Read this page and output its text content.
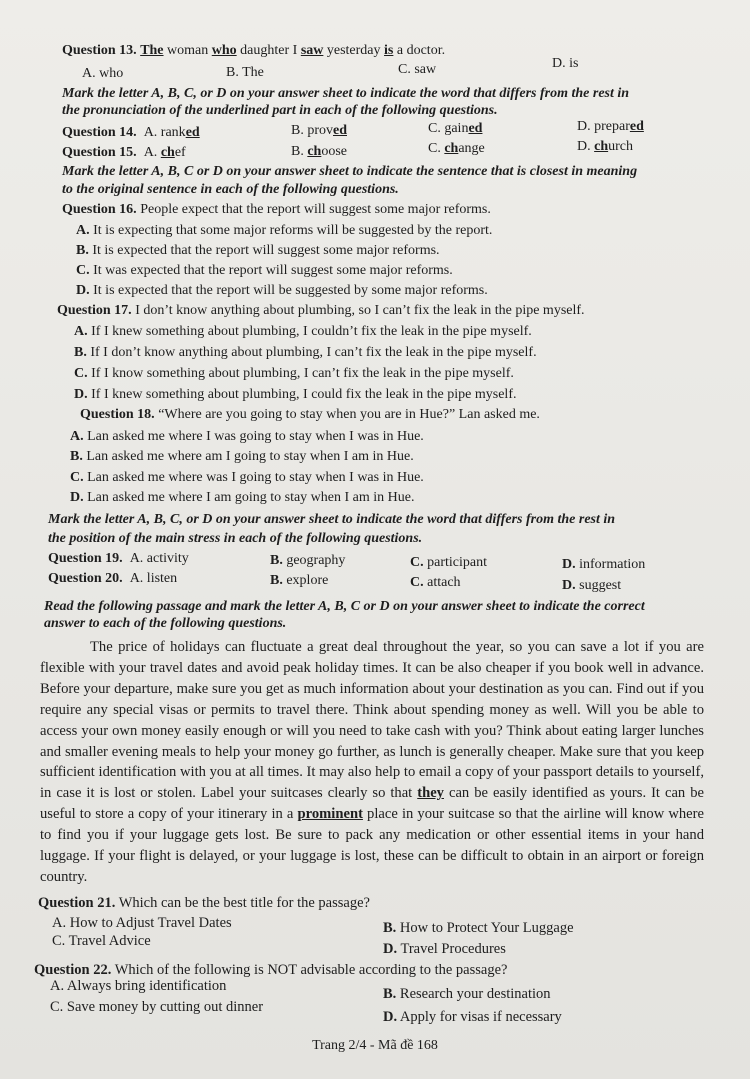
Question 13. The woman who daughter I saw yesterday is a doctor.
A. who	B. The	C. saw	D. is
Mark the letter A, B, C, or D on your answer sheet to indicate the word that differs from the rest in
the pronunciation of the underlined part in each of the following questions.
Question 14. A. ranked	B. proved	C. gained	D. prepared
Question 15. A. chef	B. choose	C. change	D. church
Mark the letter A, B, C or D on your answer sheet to indicate the sentence that is closest in meaning
to the original sentence in each of the following questions.
Question 16. People expect that the report will suggest some major reforms.
A. It is expecting that some major reforms will be suggested by the report.
B. It is expected that the report will suggest some major reforms.
C. It was expected that the report will suggest some major reforms.
D. It is expected that the report will be suggested by some major reforms.
Question 17. I don’t know anything about plumbing, so I can’t fix the leak in the pipe myself.
A. If I knew something about plumbing, I couldn’t fix the leak in the pipe myself.
B. If I don’t know anything about plumbing, I can’t fix the leak in the pipe myself.
C. If I know something about plumbing, I can’t fix the leak in the pipe myself.
D. If I knew something about plumbing, I could fix the leak in the pipe myself.
Question 18. “Where are you going to stay when you are in Hue?” Lan asked me.
A. Lan asked me where I was going to stay when I was in Hue.
B. Lan asked me where am I going to stay when I am in Hue.
C. Lan asked me where was I going to stay when I was in Hue.
D. Lan asked me where I am going to stay when I am in Hue.
Mark the letter A, B, C, or D on your answer sheet to indicate the word that differs from the rest in
the position of the main stress in each of the following questions.
Question 19. A. activity	B. geography	C. participant	D. information
Question 20. A. listen	B. explore	C. attach	D. suggest
Read the following passage and mark the letter A, B, C or D on your answer sheet to indicate the correct
answer to each of the following questions.
The price of holidays can fluctuate a great deal throughout the year, so you can save a lot if you are flexible with your travel dates and avoid peak holiday times. It can be also cheaper if you book well in advance. Before your departure, make sure you get as much information about your destination as you can. Find out if you require any special visas or permits to travel there. Think about spending money as well. Will you be able to access your own money easily enough or will you need to take cash with you? Think about eating larger lunches and smaller evening meals to help your money go further, as lunch is generally cheaper. Make sure that you keep sufficient identification with you at all times. It may also help to email a copy of your passport details to yourself, in case it is lost or stolen. Label your suitcases clearly so that they can be easily identified as yours. It can be useful to store a copy of your itinerary in a prominent place in your suitcase so that the airline will know where to find you if your luggage gets lost. Be sure to pack any medication or other essential items in your hand luggage. If your flight is delayed, or your luggage is lost, these can be difficult to obtain in an airport or foreign country.
Question 21. Which can be the best title for the passage?
A. How to Adjust Travel Dates	B. How to Protect Your Luggage
C. Travel Advice	D. Travel Procedures
Question 22. Which of the following is NOT advisable according to the passage?
A. Always bring identification	B. Research your destination
C. Save money by cutting out dinner
D. Apply for visas if necessary
Trang 2/4 - Mã đề 168
